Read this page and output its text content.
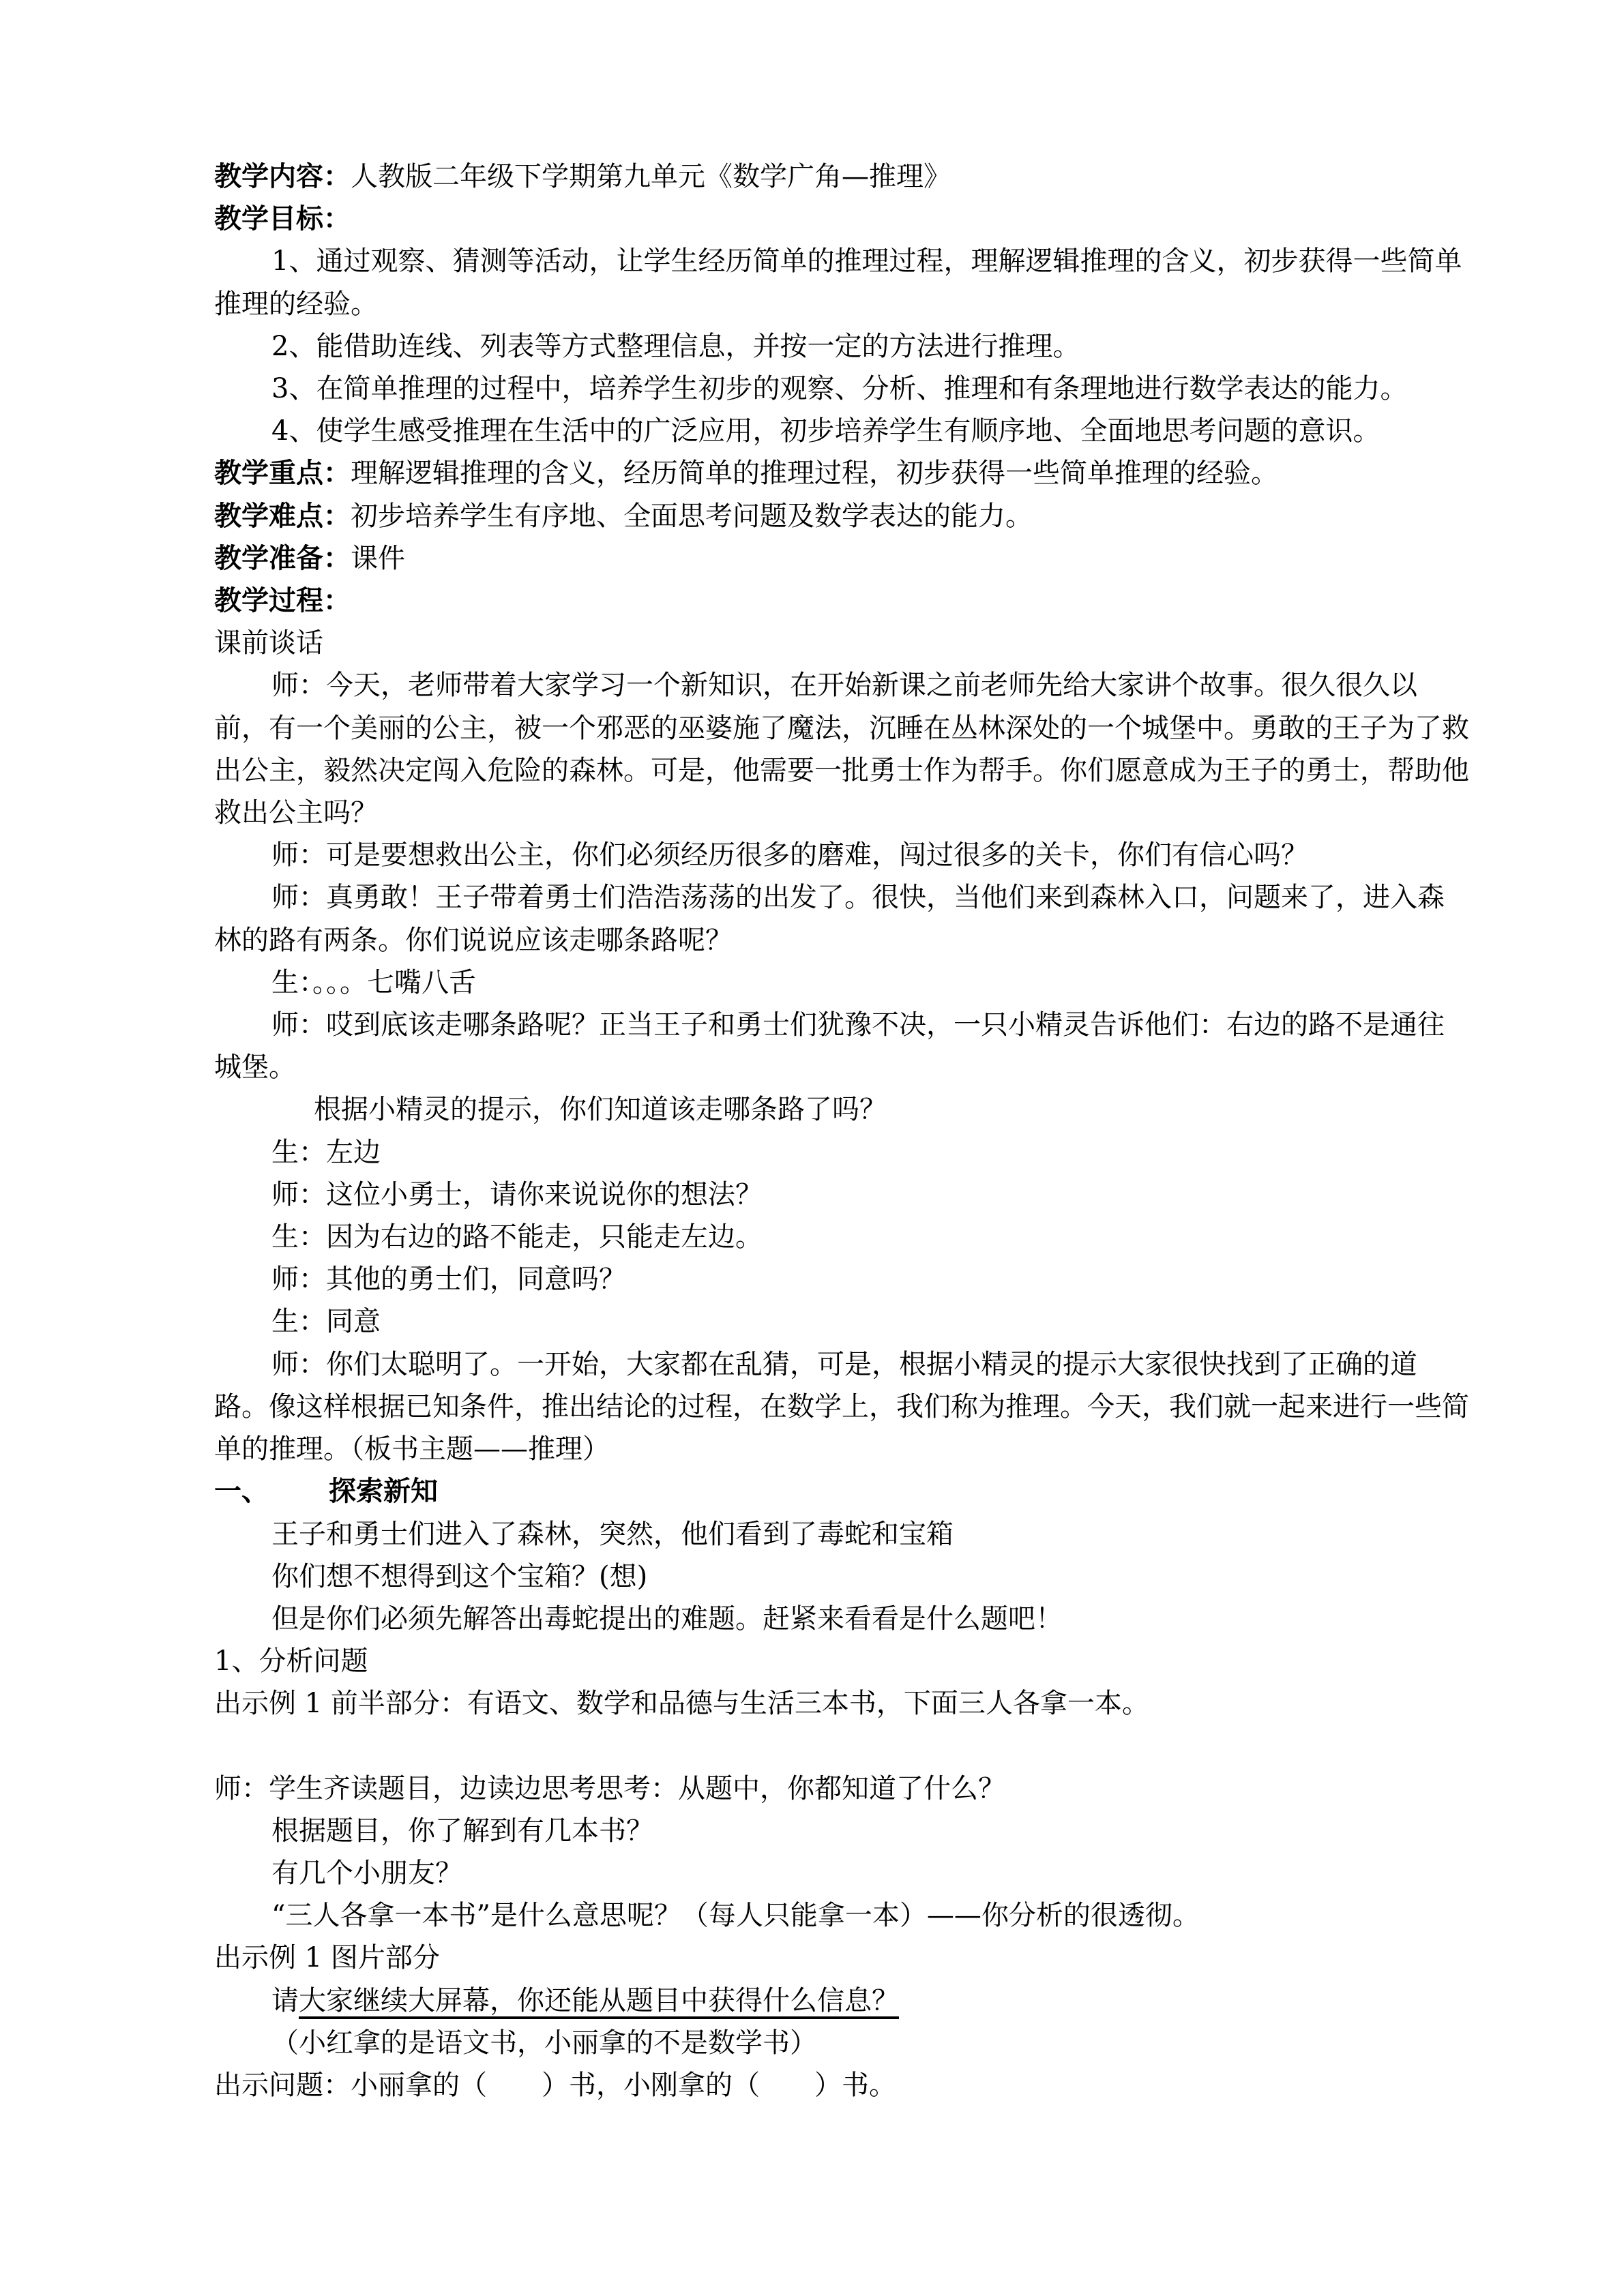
教学内容：人教版二年级下学期第九单元《数学广角—推理》

教学目标：

1、通过观察、猜测等活动，让学生经历简单的推理过程，理解逻辑推理的含义，初步获得一些简单推理的经验。

2、能借助连线、列表等方式整理信息，并按一定的方法进行推理。

3、在简单推理的过程中，培养学生初步的观察、分析、推理和有条理地进行数学表达的能力。

4、使学生感受推理在生活中的广泛应用，初步培养学生有顺序地、全面地思考问题的意识。

教学重点：理解逻辑推理的含义，经历简单的推理过程，初步获得一些简单推理的经验。

教学难点：初步培养学生有序地、全面思考问题及数学表达的能力。

教学准备：课件

教学过程：

课前谈话

师：今天，老师带着大家学习一个新知识，在开始新课之前老师先给大家讲个故事。很久很久以前，有一个美丽的公主，被一个邪恶的巫婆施了魔法，沉睡在丛林深处的一个城堡中。勇敢的王子为了救出公主，毅然决定闯入危险的森林。可是，他需要一批勇士作为帮手。你们愿意成为王子的勇士，帮助他救出公主吗？

师：可是要想救出公主，你们必须经历很多的磨难，闯过很多的关卡，你们有信心吗？

师：真勇敢！王子带着勇士们浩浩荡荡的出发了。很快，当他们来到森林入口，问题来了，进入森林的路有两条。你们说说应该走哪条路呢？

生：。。。七嘴八舌

师：哎到底该走哪条路呢？正当王子和勇士们犹豫不决，一只小精灵告诉他们：右边的路不是通往城堡。

根据小精灵的提示，你们知道该走哪条路了吗？

生：左边

师：这位小勇士，请你来说说你的想法？

生：因为右边的路不能走，只能走左边。

师：其他的勇士们，同意吗？

生：同意

师：你们太聪明了。一开始，大家都在乱猜，可是，根据小精灵的提示大家很快找到了正确的道路。像这样根据已知条件，推出结论的过程，在数学上，我们称为推理。今天，我们就一起来进行一些简单的推理。（板书主题——推理）

一、 探索新知

王子和勇士们进入了森林，突然，他们看到了毒蛇和宝箱

你们想不想得到这个宝箱？(想)

但是你们必须先解答出毒蛇提出的难题。赶紧来看看是什么题吧！

1、分析问题

出示例 1 前半部分：有语文、数学和品德与生活三本书，下面三人各拿一本。

师：学生齐读题目，边读边思考思考：从题中，你都知道了什么？

根据题目，你了解到有几本书？

有几个小朋友？

“三人各拿一本书”是什么意思呢？（每人只能拿一本）——你分析的很透彻。

出示例 1 图片部分

请大家继续大屏幕，你还能从题目中获得什么信息？

（小红拿的是语文书，小丽拿的不是数学书）

出示问题：小丽拿的（　　）书，小刚拿的（　　）书。
